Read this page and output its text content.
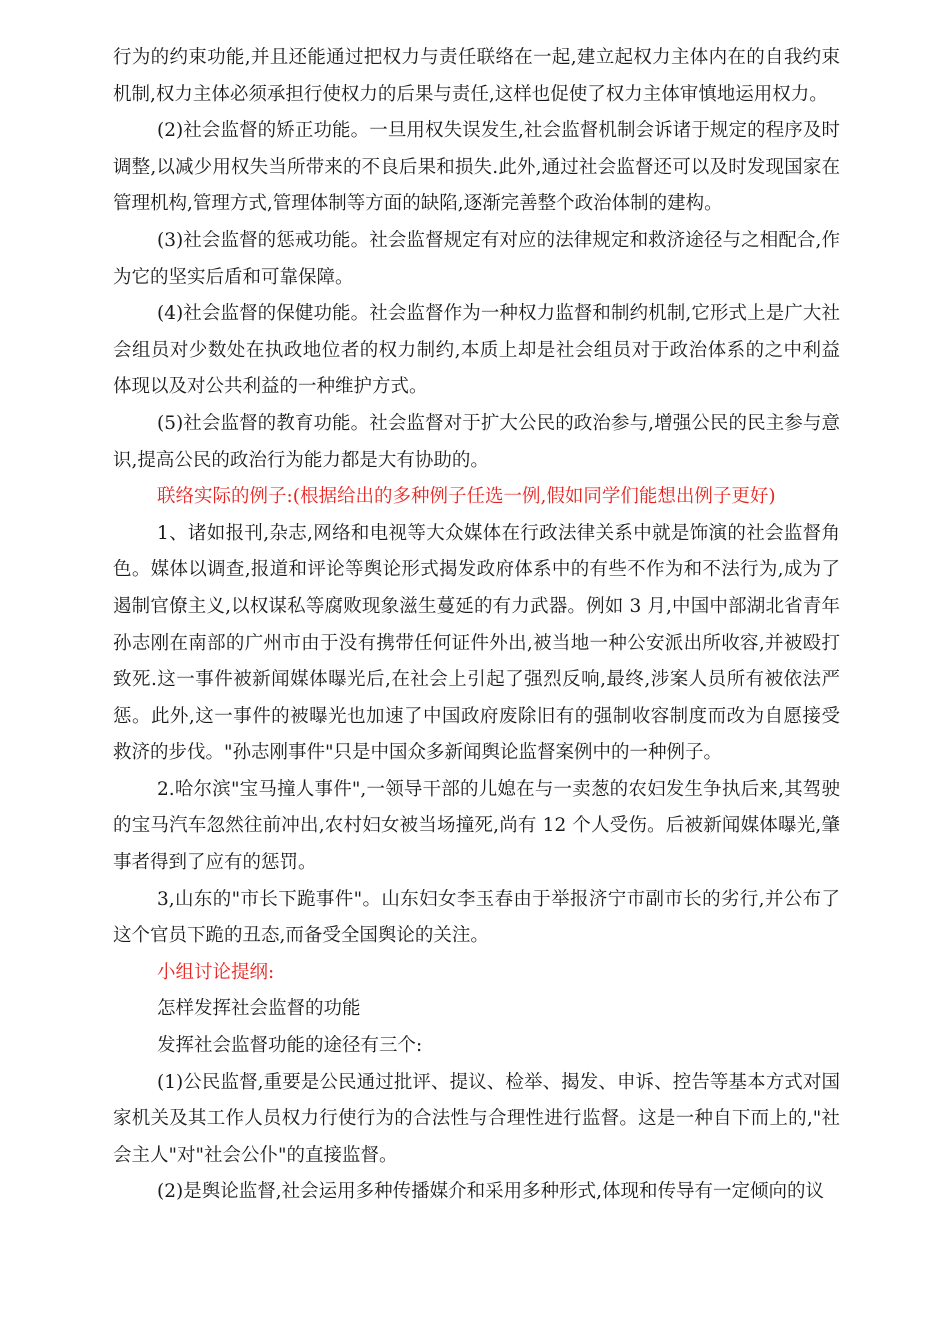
行为的约束功能,并且还能通过把权力与责任联络在一起,建立起权力主体内在的自我约束机制,权力主体必须承担行使权力的后果与责任,这样也促使了权力主体审慎地运用权力。

(2)社会监督的矫正功能。一旦用权失误发生,社会监督机制会诉诸于规定的程序及时调整,以减少用权失当所带来的不良后果和损失.此外,通过社会监督还可以及时发现国家在管理机构,管理方式,管理体制等方面的缺陷,逐渐完善整个政治体制的建构。

(3)社会监督的惩戒功能。社会监督规定有对应的法律规定和救济途径与之相配合,作为它的坚实后盾和可靠保障。

(4)社会监督的保健功能。社会监督作为一种权力监督和制约机制,它形式上是广大社会组员对少数处在执政地位者的权力制约,本质上却是社会组员对于政治体系的之中利益体现以及对公共利益的一种维护方式。

(5)社会监督的教育功能。社会监督对于扩大公民的政治参与,增强公民的民主参与意识,提高公民的政治行为能力都是大有协助的。

联络实际的例子:(根据给出的多种例子任选一例,假如同学们能想出例子更好)

1、诸如报刊,杂志,网络和电视等大众媒体在行政法律关系中就是饰演的社会监督角色。媒体以调查,报道和评论等舆论形式揭发政府体系中的有些不作为和不法行为,成为了遏制官僚主义,以权谋私等腐败现象滋生蔓延的有力武器。例如 3 月,中国中部湖北省青年孙志刚在南部的广州市由于没有携带任何证件外出,被当地一种公安派出所收容,并被殴打致死.这一事件被新闻媒体曝光后,在社会上引起了强烈反响,最终,涉案人员所有被依法严惩。此外,这一事件的被曝光也加速了中国政府废除旧有的强制收容制度而改为自愿接受救济的步伐。"孙志刚事件"只是中国众多新闻舆论监督案例中的一种例子。

2.哈尔滨"宝马撞人事件",一领导干部的儿媳在与一卖葱的农妇发生争执后来,其驾驶的宝马汽车忽然往前冲出,农村妇女被当场撞死,尚有 12 个人受伤。后被新闻媒体曝光,肇事者得到了应有的惩罚。

3,山东的"市长下跪事件"。山东妇女李玉春由于举报济宁市副市长的劣行,并公布了这个官员下跪的丑态,而备受全国舆论的关注。

小组讨论提纲:

怎样发挥社会监督的功能

发挥社会监督功能的途径有三个:

(1)公民监督,重要是公民通过批评、提议、检举、揭发、申诉、控告等基本方式对国家机关及其工作人员权力行使行为的合法性与合理性进行监督。这是一种自下而上的,"社会主人"对"社会公仆"的直接监督。

(2)是舆论监督,社会运用多种传播媒介和采用多种形式,体现和传导有一定倾向的议
